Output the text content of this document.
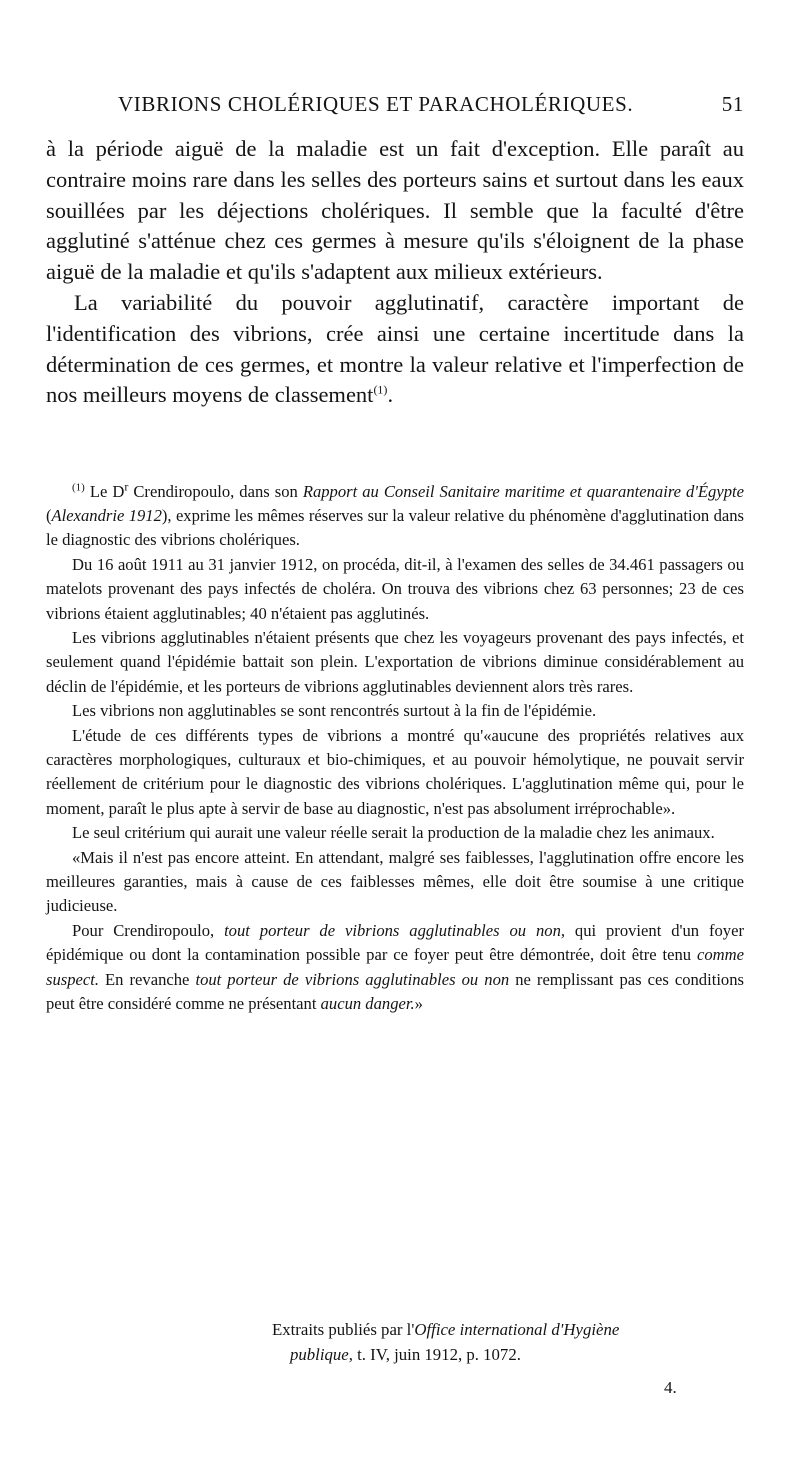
VIBRIONS CHOLÉRIQUES ET PARACHOLÉRIQUES.	51

à la période aiguë de la maladie est un fait d'exception. Elle paraît au contraire moins rare dans les selles des porteurs sains et surtout dans les eaux souillées par les déjections cholériques. Il semble que la faculté d'être agglutiné s'atténue chez ces germes à mesure qu'ils s'éloignent de la phase aiguë de la maladie et qu'ils s'adaptent aux milieux extérieurs.

La variabilité du pouvoir agglutinatif, caractère important de l'identification des vibrions, crée ainsi une certaine incertitude dans la détermination de ces germes, et montre la valeur relative et l'imperfection de nos meilleurs moyens de classement$^{(1)}$.

$^{(1)}$ Le $D^r$ Crendiropoulo, dans son Rapport au Conseil Sanitaire maritime et quarantenaire d'Égypte (Alexandrie 1912), exprime les mêmes réserves sur la valeur relative du phénomène d'agglutination dans le diagnostic des vibrions cholériques.

Du 16 août 1911 au 31 janvier 1912, on procéda, dit-il, à l'examen des selles de 34.461 passagers ou matelots provenant des pays infectés de choléra. On trouva des vibrions chez 63 personnes; 23 de ces vibrions étaient agglutinables; 40 n'étaient pas agglutinés.

Les vibrions agglutinables n'étaient présents que chez les voyageurs provenant des pays infectés, et seulement quand l'épidémie battait son plein. L'exportation de vibrions diminue considérablement au déclin de l'épidémie, et les porteurs de vibrions agglutinables deviennent alors très rares.

Les vibrions non agglutinables se sont rencontrés surtout à la fin de l'épidémie.

L'étude de ces différents types de vibrions a montré qu'«aucune des propriétés relatives aux caractères morphologiques, culturaux et bio-chimiques, et au pouvoir hémolytique, ne pouvait servir réellement de critérium pour le diagnostic des vibrions cholériques. L'agglutination même qui, pour le moment, paraît le plus apte à servir de base au diagnostic, n'est pas absolument irréprochable».

Le seul critérium qui aurait une valeur réelle serait la production de la maladie chez les animaux.

«Mais il n'est pas encore atteint. En attendant, malgré ses faiblesses, l'agglutination offre encore les meilleures garanties, mais à cause de ces faiblesses mêmes, elle doit être soumise à une critique judicieuse.

Pour Crendiropoulo, tout porteur de vibrions agglutinables ou non, qui provient d'un foyer épidémique ou dont la contamination possible par ce foyer peut être démontrée, doit être tenu comme suspect. En revanche tout porteur de vibrions agglutinables ou non ne remplissant pas ces conditions peut être considéré comme ne présentant aucun danger.»

Extraits publiés par l'Office international d'Hygiène
publique, t. IV, juin 1912, p. 1072.
4.
